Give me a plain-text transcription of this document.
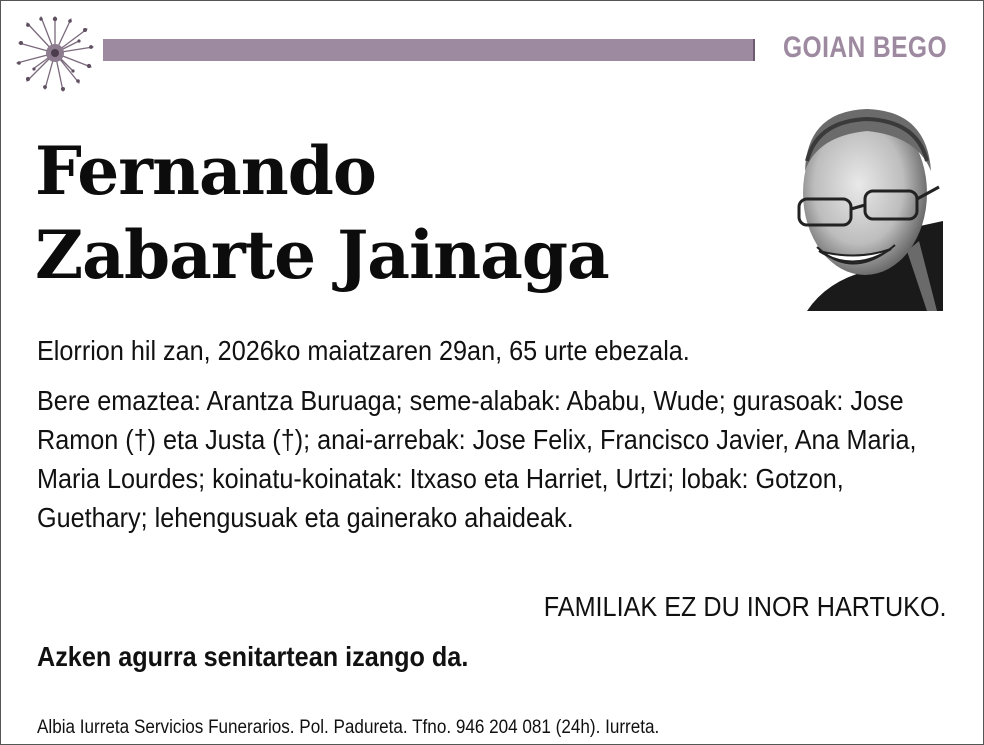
GOIAN BEGO
Fernando
Zabarte Jainaga
Elorrion hil zan, 2026ko maiatzaren 29an, 65 urte ebezala.
Bere emaztea: Arantza Buruaga; seme-alabak: Ababu, Wude; gurasoak: Jose Ramon (†) eta Justa (†); anai-arrebak: Jose Felix, Francisco Javier, Ana Maria, Maria Lourdes; koinatu-koinatak: Itxaso eta Harriet, Urtzi; lobak: Gotzon, Guethary; lehengusuak eta gainerako ahaideak.
FAMILIAK EZ DU INOR HARTUKO.
Azken agurra senitartean izango da.
Albia Iurreta Servicios Funerarios. Pol. Padureta. Tfno. 946 204 081 (24h). Iurreta.
